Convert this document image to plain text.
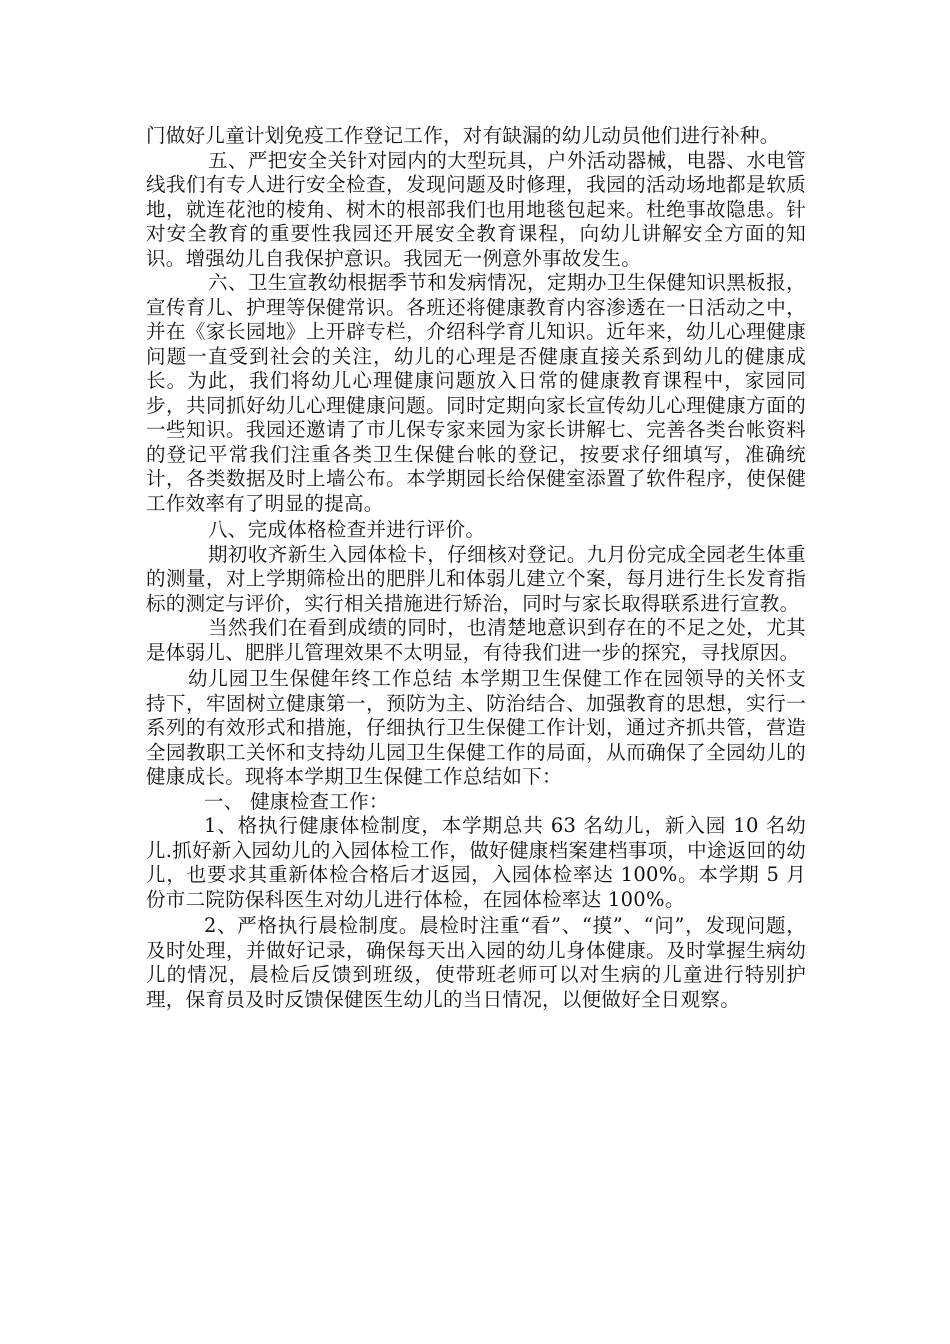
门做好儿童计划免疫工作登记工作，对有缺漏的幼儿动员他们进行补种。

五、严把安全关针对园内的大型玩具，户外活动器械，电器、水电管线我们有专人进行安全检查，发现问题及时修理，我园的活动场地都是软质地，就连花池的棱角、树木的根部我们也用地毯包起来。杜绝事故隐患。针对安全教育的重要性我园还开展安全教育课程，向幼儿讲解安全方面的知识。增强幼儿自我保护意识。我园无一例意外事故发生。

六、卫生宣教幼根据季节和发病情况，定期办卫生保健知识黑板报，宣传育儿、护理等保健常识。各班还将健康教育内容渗透在一日活动之中，并在《家长园地》上开辟专栏，介绍科学育儿知识。近年来，幼儿心理健康问题一直受到社会的关注，幼儿的心理是否健康直接关系到幼儿的健康成长。为此，我们将幼儿心理健康问题放入日常的健康教育课程中，家园同步，共同抓好幼儿心理健康问题。同时定期向家长宣传幼儿心理健康方面的一些知识。我园还邀请了市儿保专家来园为家长讲解七、完善各类台帐资料的登记平常我们注重各类卫生保健台帐的登记，按要求仔细填写，准确统计，各类数据及时上墙公布。本学期园长给保健室添置了软件程序，使保健工作效率有了明显的提高。

八、完成体格检查并进行评价。

期初收齐新生入园体检卡，仔细核对登记。九月份完成全园老生体重的测量，对上学期筛检出的肥胖儿和体弱儿建立个案，每月进行生长发育指标的测定与评价，实行相关措施进行矫治，同时与家长取得联系进行宣教。

当然我们在看到成绩的同时，也清楚地意识到存在的不足之处，尤其是体弱儿、肥胖儿管理效果不太明显，有待我们进一步的探究，寻找原因。

幼儿园卫生保健年终工作总结 本学期卫生保健工作在园领导的关怀支持下，牢固树立健康第一，预防为主、防治结合、加强教育的思想，实行一系列的有效形式和措施，仔细执行卫生保健工作计划，通过齐抓共管，营造全园教职工关怀和支持幼儿园卫生保健工作的局面，从而确保了全园幼儿的健康成长。现将本学期卫生保健工作总结如下：

一、 健康检查工作：

1、格执行健康体检制度，本学期总共 63 名幼儿，新入园 10 名幼儿.抓好新入园幼儿的入园体检工作，做好健康档案建档事项，中途返回的幼儿，也要求其重新体检合格后才返园，入园体检率达 100%。本学期 5 月份市二院防保科医生对幼儿进行体检，在园体检率达 100%。

2、严格执行晨检制度。晨检时注重“看”、“摸”、“问”，发现问题，及时处理，并做好记录，确保每天出入园的幼儿身体健康。及时掌握生病幼儿的情况，晨检后反馈到班级，使带班老师可以对生病的儿童进行特别护理，保育员及时反馈保健医生幼儿的当日情况，以便做好全日观察。
